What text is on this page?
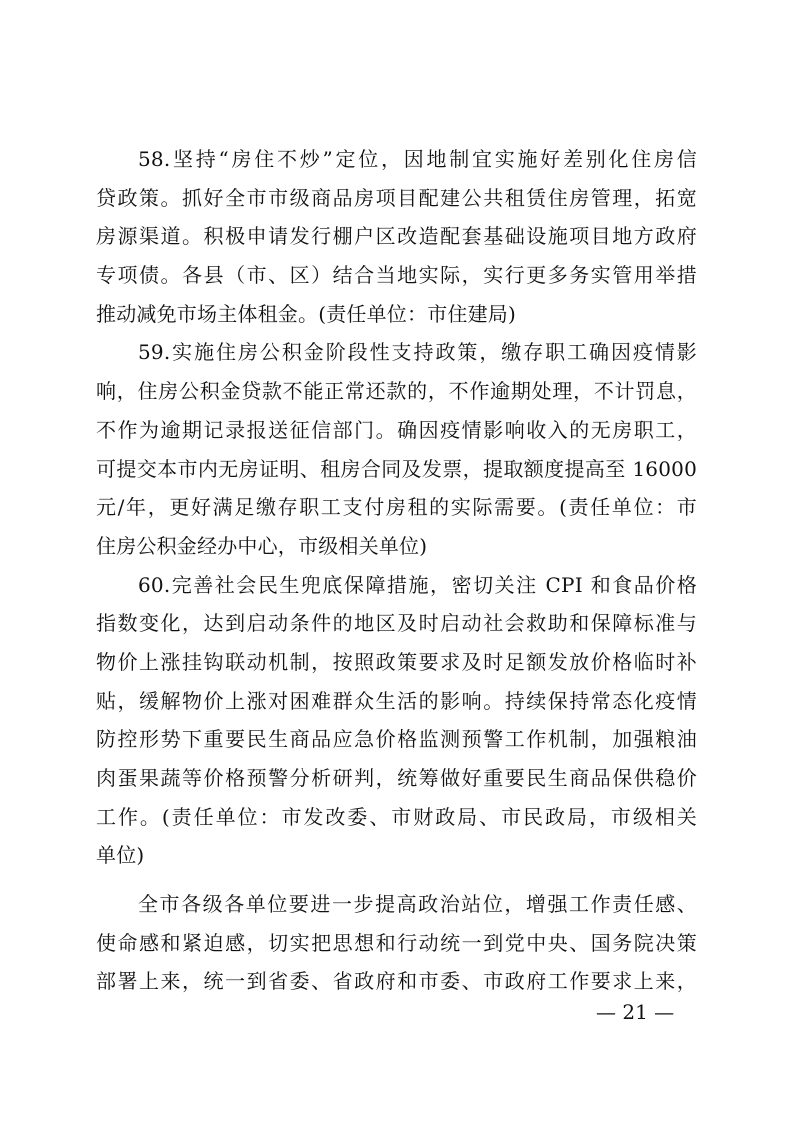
58.坚持“房住不炒”定位，因地制宜实施好差别化住房信
贷政策。抓好全市市级商品房项目配建公共租赁住房管理，拓宽
房源渠道。积极申请发行棚户区改造配套基础设施项目地方政府
专项债。各县（市、区）结合当地实际，实行更多务实管用举措
推动减免市场主体租金。(责任单位：市住建局)
59.实施住房公积金阶段性支持政策，缴存职工确因疫情影
响，住房公积金贷款不能正常还款的，不作逾期处理，不计罚息，
不作为逾期记录报送征信部门。确因疫情影响收入的无房职工，
可提交本市内无房证明、租房合同及发票，提取额度提高至 16000
元/年，更好满足缴存职工支付房租的实际需要。(责任单位：市
住房公积金经办中心，市级相关单位)
60.完善社会民生兜底保障措施，密切关注 CPI 和食品价格
指数变化，达到启动条件的地区及时启动社会救助和保障标准与
物价上涨挂钩联动机制，按照政策要求及时足额发放价格临时补
贴，缓解物价上涨对困难群众生活的影响。持续保持常态化疫情
防控形势下重要民生商品应急价格监测预警工作机制，加强粮油
肉蛋果蔬等价格预警分析研判，统筹做好重要民生商品保供稳价
工作。(责任单位：市发改委、市财政局、市民政局，市级相关
单位)
全市各级各单位要进一步提高政治站位，增强工作责任感、
使命感和紧迫感，切实把思想和行动统一到党中央、国务院决策
部署上来，统一到省委、省政府和市委、市政府工作要求上来，
— 21 —
